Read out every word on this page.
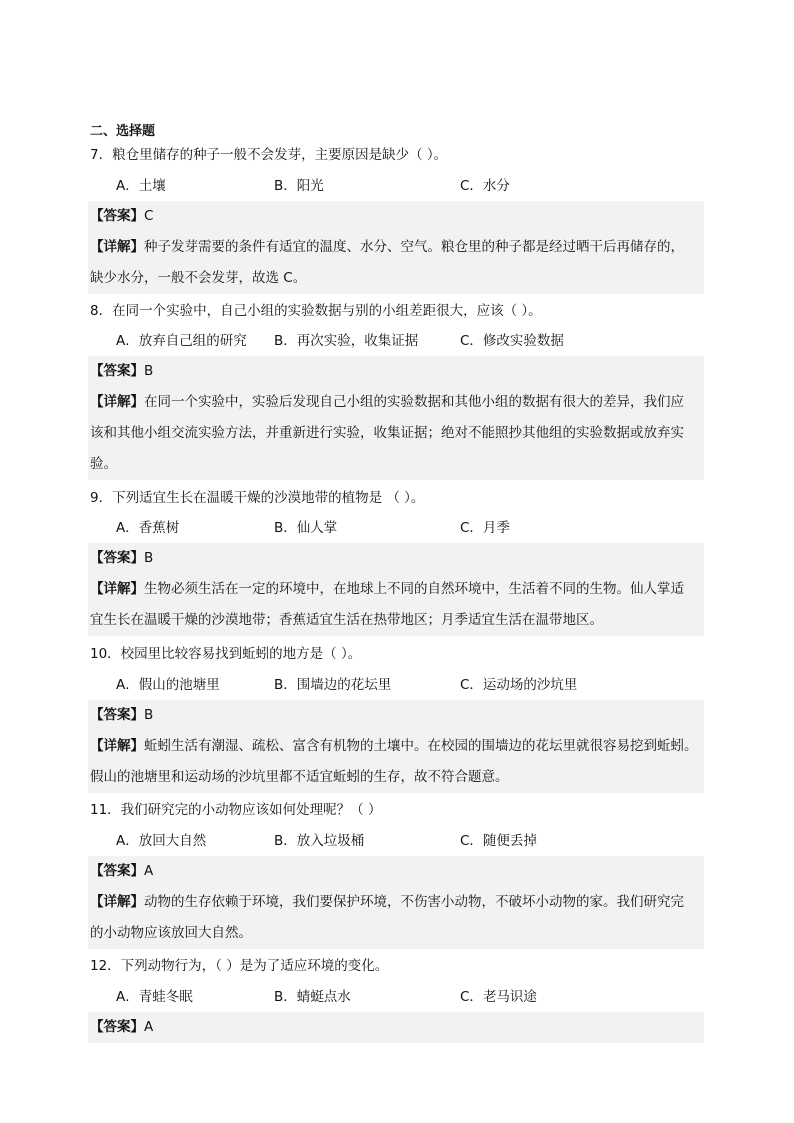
二、选择题
7．粮仓里储存的种子一般不会发芽，主要原因是缺少（ ）。
A．土壤	B．阳光	C．水分
【答案】C
【详解】种子发芽需要的条件有适宜的温度、水分、空气。粮仓里的种子都是经过晒干后再储存的，
缺少水分，一般不会发芽，故选 C。
8．在同一个实验中，自己小组的实验数据与别的小组差距很大，应该（ ）。
A．放弃自己组的研究 B．再次实验，收集证据	C．修改实验数据
【答案】B
【详解】在同一个实验中，实验后发现自己小组的实验数据和其他小组的数据有很大的差异，我们应
该和其他小组交流实验方法，并重新进行实验，收集证据；绝对不能照抄其他组的实验数据或放弃实
验。
9．下列适宜生长在温暖干燥的沙漠地带的植物是 （ ）。
A．香蕉树	B．仙人掌	C．月季
【答案】B
【详解】生物必须生活在一定的环境中，在地球上不同的自然环境中，生活着不同的生物。仙人掌适
宜生长在温暖干燥的沙漠地带；香蕉适宜生活在热带地区；月季适宜生活在温带地区。
10．校园里比较容易找到蚯蚓的地方是（ ）。
A．假山的池塘里	B．围墙边的花坛里	C．运动场的沙坑里
【答案】B
【详解】蚯蚓生活有潮湿、疏松、富含有机物的土壤中。在校园的围墙边的花坛里就很容易挖到蚯蚓。
假山的池塘里和运动场的沙坑里都不适宜蚯蚓的生存，故不符合题意。
11．我们研究完的小动物应该如何处理呢？（ ）
A．放回大自然	B．放入垃圾桶	C．随便丢掉
【答案】A
【详解】动物的生存依赖于环境，我们要保护环境，不伤害小动物，不破坏小动物的家。我们研究完
的小动物应该放回大自然。
12．下列动物行为，（ ）是为了适应环境的变化。
A．青蛙冬眠	B．蜻蜓点水	C．老马识途
【答案】A
